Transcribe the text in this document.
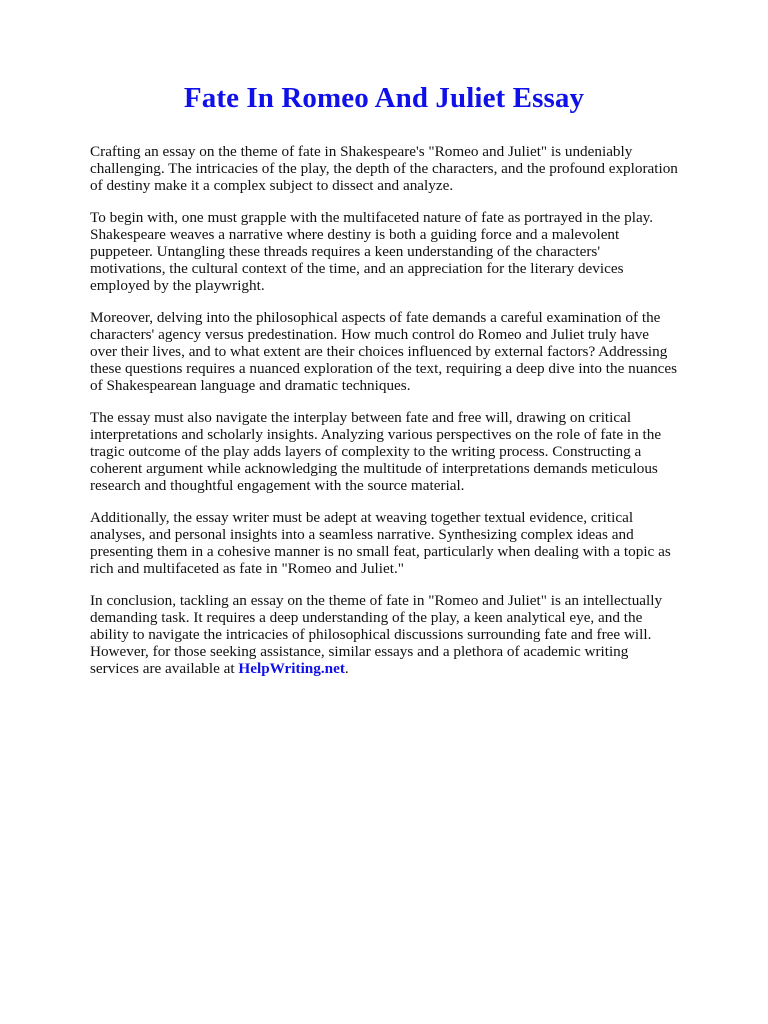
Fate In Romeo And Juliet Essay

Crafting an essay on the theme of fate in Shakespeare's "Romeo and Juliet" is undeniably challenging. The intricacies of the play, the depth of the characters, and the profound exploration of destiny make it a complex subject to dissect and analyze.

To begin with, one must grapple with the multifaceted nature of fate as portrayed in the play. Shakespeare weaves a narrative where destiny is both a guiding force and a malevolent puppeteer. Untangling these threads requires a keen understanding of the characters' motivations, the cultural context of the time, and an appreciation for the literary devices employed by the playwright.

Moreover, delving into the philosophical aspects of fate demands a careful examination of the characters' agency versus predestination. How much control do Romeo and Juliet truly have over their lives, and to what extent are their choices influenced by external factors? Addressing these questions requires a nuanced exploration of the text, requiring a deep dive into the nuances of Shakespearean language and dramatic techniques.

The essay must also navigate the interplay between fate and free will, drawing on critical interpretations and scholarly insights. Analyzing various perspectives on the role of fate in the tragic outcome of the play adds layers of complexity to the writing process. Constructing a coherent argument while acknowledging the multitude of interpretations demands meticulous research and thoughtful engagement with the source material.

Additionally, the essay writer must be adept at weaving together textual evidence, critical analyses, and personal insights into a seamless narrative. Synthesizing complex ideas and presenting them in a cohesive manner is no small feat, particularly when dealing with a topic as rich and multifaceted as fate in "Romeo and Juliet."

In conclusion, tackling an essay on the theme of fate in "Romeo and Juliet" is an intellectually demanding task. It requires a deep understanding of the play, a keen analytical eye, and the ability to navigate the intricacies of philosophical discussions surrounding fate and free will. However, for those seeking assistance, similar essays and a plethora of academic writing services are available at HelpWriting.net.
